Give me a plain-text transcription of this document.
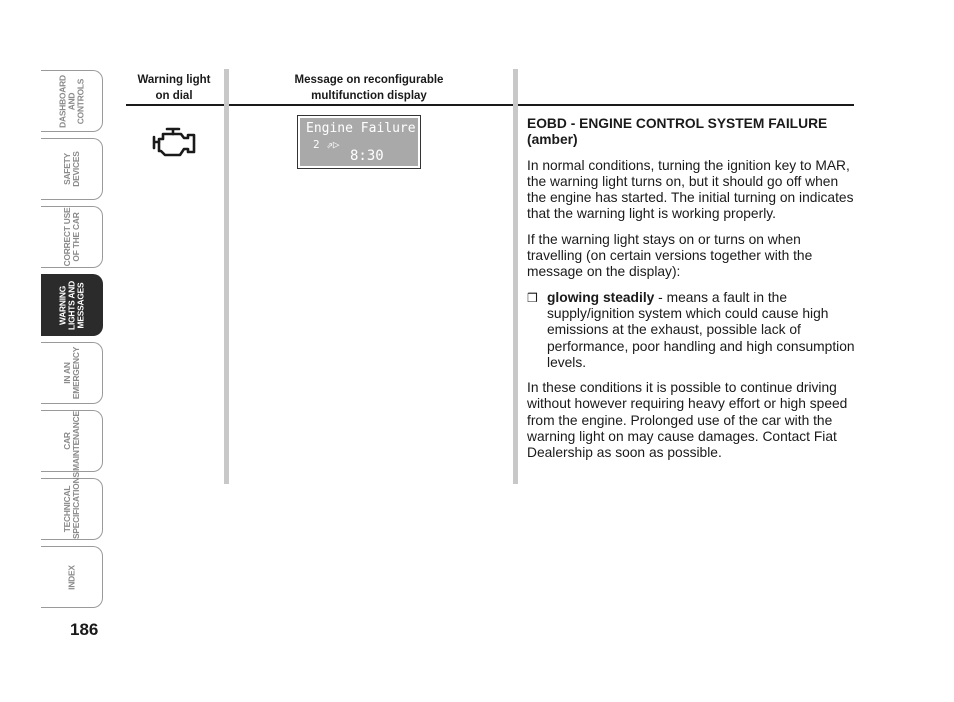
DASHBOARD
AND
CONTROLS
SAFETY
DEVICES
CORRECT USE
OF THE CAR
WARNING
LIGHTS AND
MESSAGES
IN AN
EMERGENCY
CAR
MAINTENANCE
TECHNICAL
SPECIFICATIONS
INDEX
186
Warning light
on dial
Message on reconfigurable
multifunction display
Engine Failure
2 ⇗▷
8:30
EOBD - ENGINE CONTROL SYSTEM FAILURE (amber)

In normal conditions, turning the ignition key to MAR, the warning light turns on, but it should go off when the engine has started. The initial turning on indicates that the warning light is working properly.

If the warning light stays on or turns on when travelling (on certain versions together with the message on the display):

❒ glowing steadily - means a fault in the supply/ignition system which could cause high emissions at the exhaust, possible lack of performance, poor handling and high consumption levels.

In these conditions it is possible to continue driving without however requiring heavy effort or high speed from the engine. Prolonged use of the car with the warning light on may cause damages. Contact Fiat Dealership as soon as possible.
